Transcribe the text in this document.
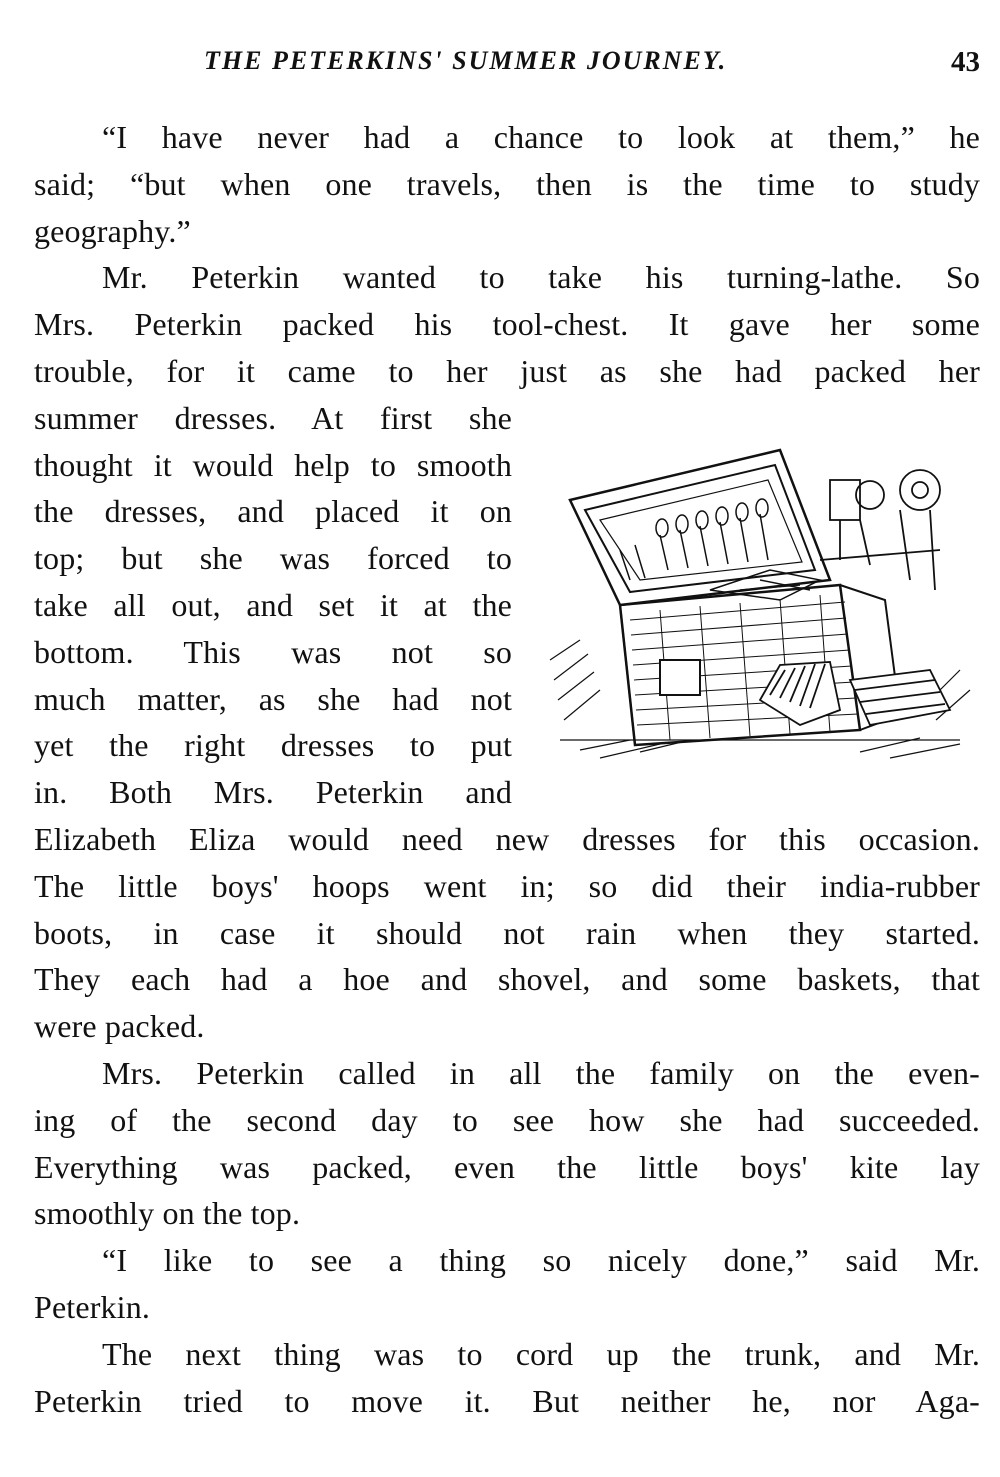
THE PETERKINS' SUMMER JOURNEY.	43
“I have never had a chance to look at them,” he
said; “but when one travels, then is the time to study
geography.”
Mr. Peterkin wanted to take his turning-lathe. So
Mrs. Peterkin packed his tool-chest. It gave her some
trouble, for it came to her just as she had packed her
summer dresses. At first she
thought it would help to smooth
the dresses, and placed it on
top; but she was forced to
take all out, and set it at the
bottom. This was not so
much matter, as she had not
yet the right dresses to put
in. Both Mrs. Peterkin and
Elizabeth Eliza would need new dresses for this occasion.
The little boys' hoops went in; so did their india-rubber
boots, in case it should not rain when they started.
They each had a hoe and shovel, and some baskets, that
were packed.
Mrs. Peterkin called in all the family on the even-
ing of the second day to see how she had succeeded.
Everything was packed, even the little boys' kite lay
smoothly on the top.
“I like to see a thing so nicely done,” said Mr.
Peterkin.
The next thing was to cord up the trunk, and Mr.
Peterkin tried to move it. But neither he, nor Aga-
